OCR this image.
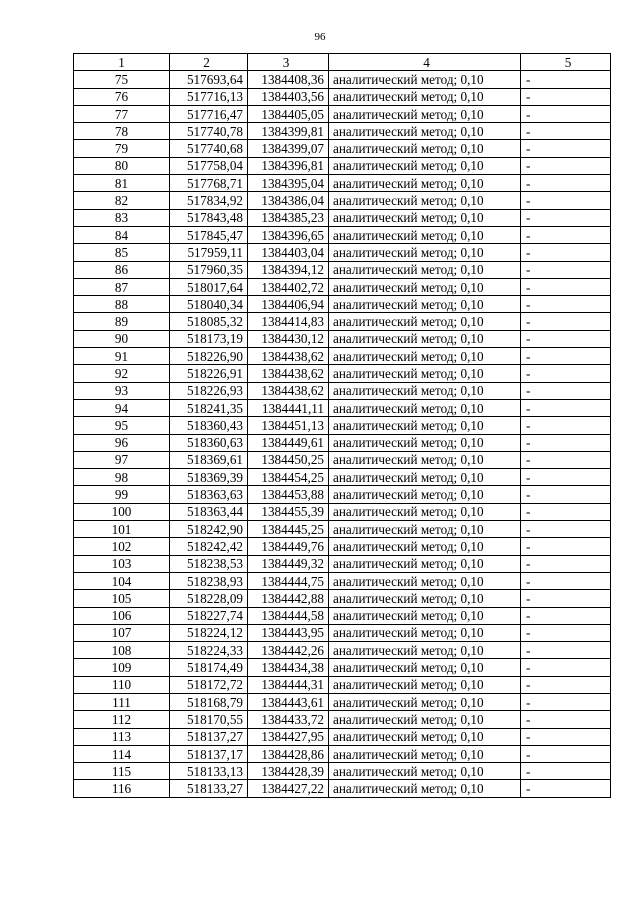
96
1	2	3	4	5
75	517693,64	1384408,36	аналитический метод; 0,10	-
76	517716,13	1384403,56	аналитический метод; 0,10	-
77	517716,47	1384405,05	аналитический метод; 0,10	-
78	517740,78	1384399,81	аналитический метод; 0,10	-
79	517740,68	1384399,07	аналитический метод; 0,10	-
80	517758,04	1384396,81	аналитический метод; 0,10	-
81	517768,71	1384395,04	аналитический метод; 0,10	-
82	517834,92	1384386,04	аналитический метод; 0,10	-
83	517843,48	1384385,23	аналитический метод; 0,10	-
84	517845,47	1384396,65	аналитический метод; 0,10	-
85	517959,11	1384403,04	аналитический метод; 0,10	-
86	517960,35	1384394,12	аналитический метод; 0,10	-
87	518017,64	1384402,72	аналитический метод; 0,10	-
88	518040,34	1384406,94	аналитический метод; 0,10	-
89	518085,32	1384414,83	аналитический метод; 0,10	-
90	518173,19	1384430,12	аналитический метод; 0,10	-
91	518226,90	1384438,62	аналитический метод; 0,10	-
92	518226,91	1384438,62	аналитический метод; 0,10	-
93	518226,93	1384438,62	аналитический метод; 0,10	-
94	518241,35	1384441,11	аналитический метод; 0,10	-
95	518360,43	1384451,13	аналитический метод; 0,10	-
96	518360,63	1384449,61	аналитический метод; 0,10	-
97	518369,61	1384450,25	аналитический метод; 0,10	-
98	518369,39	1384454,25	аналитический метод; 0,10	-
99	518363,63	1384453,88	аналитический метод; 0,10	-
100	518363,44	1384455,39	аналитический метод; 0,10	-
101	518242,90	1384445,25	аналитический метод; 0,10	-
102	518242,42	1384449,76	аналитический метод; 0,10	-
103	518238,53	1384449,32	аналитический метод; 0,10	-
104	518238,93	1384444,75	аналитический метод; 0,10	-
105	518228,09	1384442,88	аналитический метод; 0,10	-
106	518227,74	1384444,58	аналитический метод; 0,10	-
107	518224,12	1384443,95	аналитический метод; 0,10	-
108	518224,33	1384442,26	аналитический метод; 0,10	-
109	518174,49	1384434,38	аналитический метод; 0,10	-
110	518172,72	1384444,31	аналитический метод; 0,10	-
111	518168,79	1384443,61	аналитический метод; 0,10	-
112	518170,55	1384433,72	аналитический метод; 0,10	-
113	518137,27	1384427,95	аналитический метод; 0,10	-
114	518137,17	1384428,86	аналитический метод; 0,10	-
115	518133,13	1384428,39	аналитический метод; 0,10	-
116	518133,27	1384427,22	аналитический метод; 0,10	-
